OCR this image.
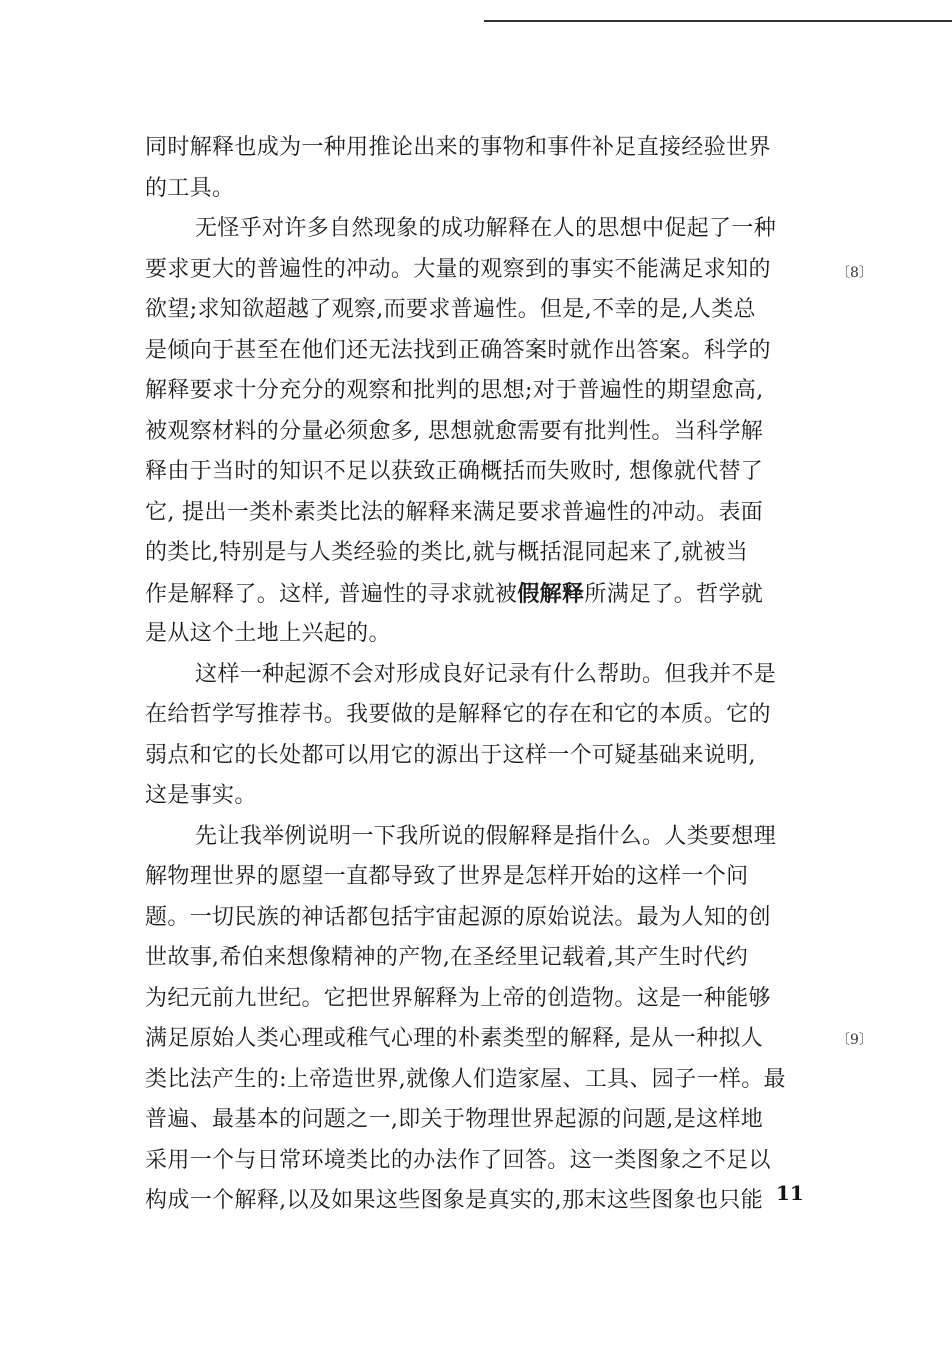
同时解释也成为一种用推论出来的事物和事件补足直接经验世界
的工具。
无怪乎对许多自然现象的成功解释在人的思想中促起了一种
要求更大的普遍性的冲动。大量的观察到的事实不能满足求知的
欲望;求知欲超越了观察,而要求普遍性。但是,不幸的是,人类总
是倾向于甚至在他们还无法找到正确答案时就作出答案。科学的
解释要求十分充分的观察和批判的思想;对于普遍性的期望愈高,
被观察材料的分量必须愈多, 思想就愈需要有批判性。当科学解
释由于当时的知识不足以获致正确概括而失败时, 想像就代替了
它, 提出一类朴素类比法的解释来满足要求普遍性的冲动。表面
的类比,特别是与人类经验的类比,就与概括混同起来了,就被当
作是解释了。这样, 普遍性的寻求就被假解释所满足了。哲学就
是从这个土地上兴起的。
这样一种起源不会对形成良好记录有什么帮助。但我并不是
在给哲学写推荐书。我要做的是解释它的存在和它的本质。它的
弱点和它的长处都可以用它的源出于这样一个可疑基础来说明,
这是事实。
先让我举例说明一下我所说的假解释是指什么。人类要想理
解物理世界的愿望一直都导致了世界是怎样开始的这样一个问
题。一切民族的神话都包括宇宙起源的原始说法。最为人知的创
世故事,希伯来想像精神的产物,在圣经里记载着,其产生时代约
为纪元前九世纪。它把世界解释为上帝的创造物。这是一种能够
满足原始人类心理或稚气心理的朴素类型的解释, 是从一种拟人
类比法产生的:上帝造世界,就像人们造家屋、工具、园子一样。最
普遍、最基本的问题之一,即关于物理世界起源的问题,是这样地
采用一个与日常环境类比的办法作了回答。这一类图象之不足以
构成一个解释,以及如果这些图象是真实的,那末这些图象也只能
〔8〕
〔9〕
11
